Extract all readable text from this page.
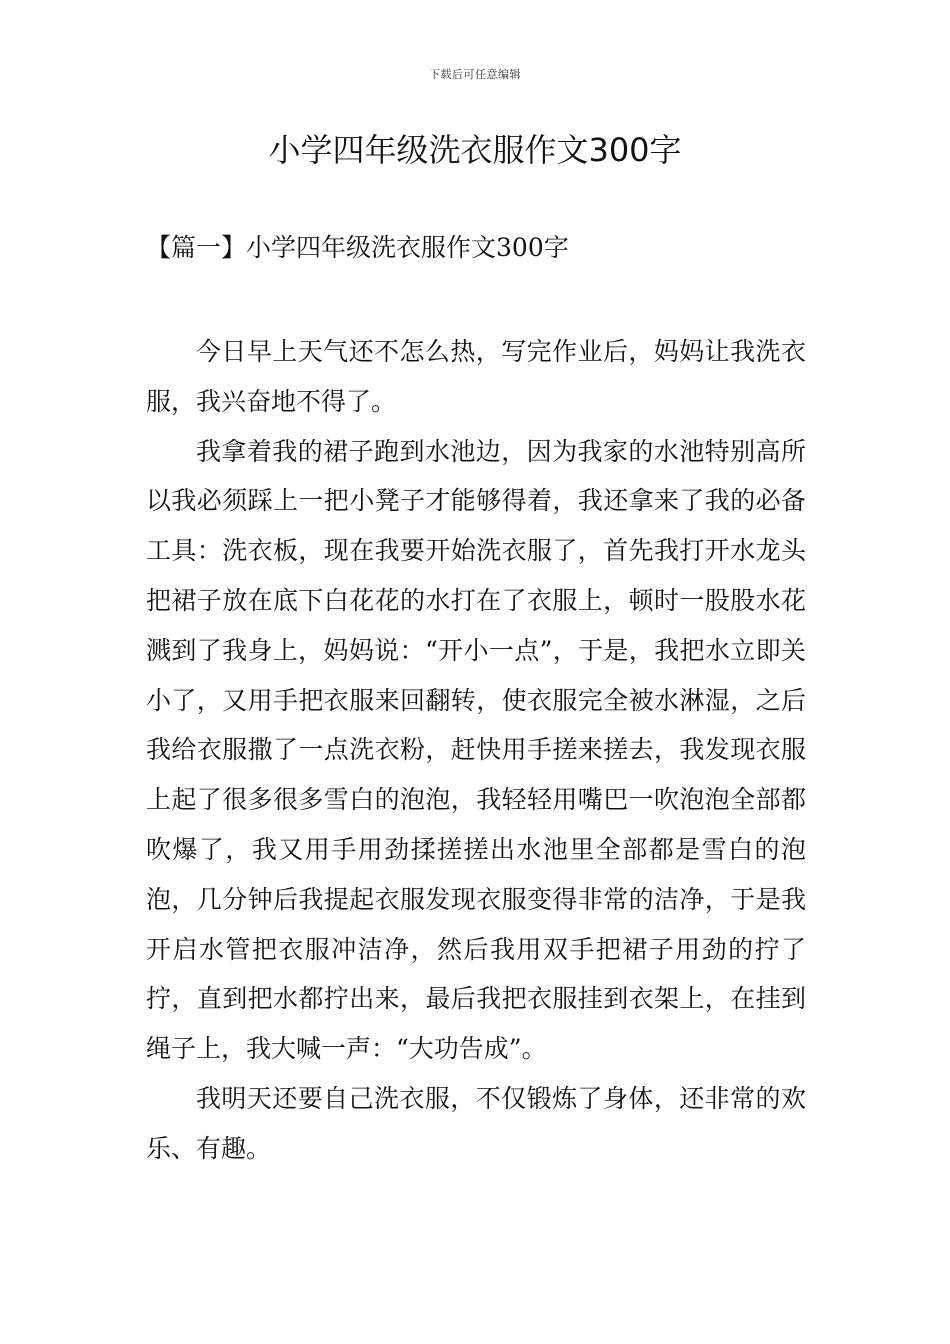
下载后可任意编辑
小学四年级洗衣服作文300字
【篇一】小学四年级洗衣服作文300字

今日早上天气还不怎么热，写完作业后，妈妈让我洗衣服，我兴奋地不得了。

我拿着我的裙子跑到水池边，因为我家的水池特别高所以我必须踩上一把小凳子才能够得着，我还拿来了我的必备工具：洗衣板，现在我要开始洗衣服了，首先我打开水龙头把裙子放在底下白花花的水打在了衣服上，顿时一股股水花溅到了我身上，妈妈说：“开小一点”，于是，我把水立即关小了，又用手把衣服来回翻转，使衣服完全被水淋湿，之后我给衣服撒了一点洗衣粉，赶快用手搓来搓去，我发现衣服上起了很多很多雪白的泡泡，我轻轻用嘴巴一吹泡泡全部都吹爆了，我又用手用劲揉搓搓出水池里全部都是雪白的泡泡，几分钟后我提起衣服发现衣服变得非常的洁净，于是我开启水管把衣服冲洁净，然后我用双手把裙子用劲的拧了拧，直到把水都拧出来，最后我把衣服挂到衣架上，在挂到绳子上，我大喊一声：“大功告成”。

我明天还要自己洗衣服，不仅锻炼了身体，还非常的欢乐、有趣。
